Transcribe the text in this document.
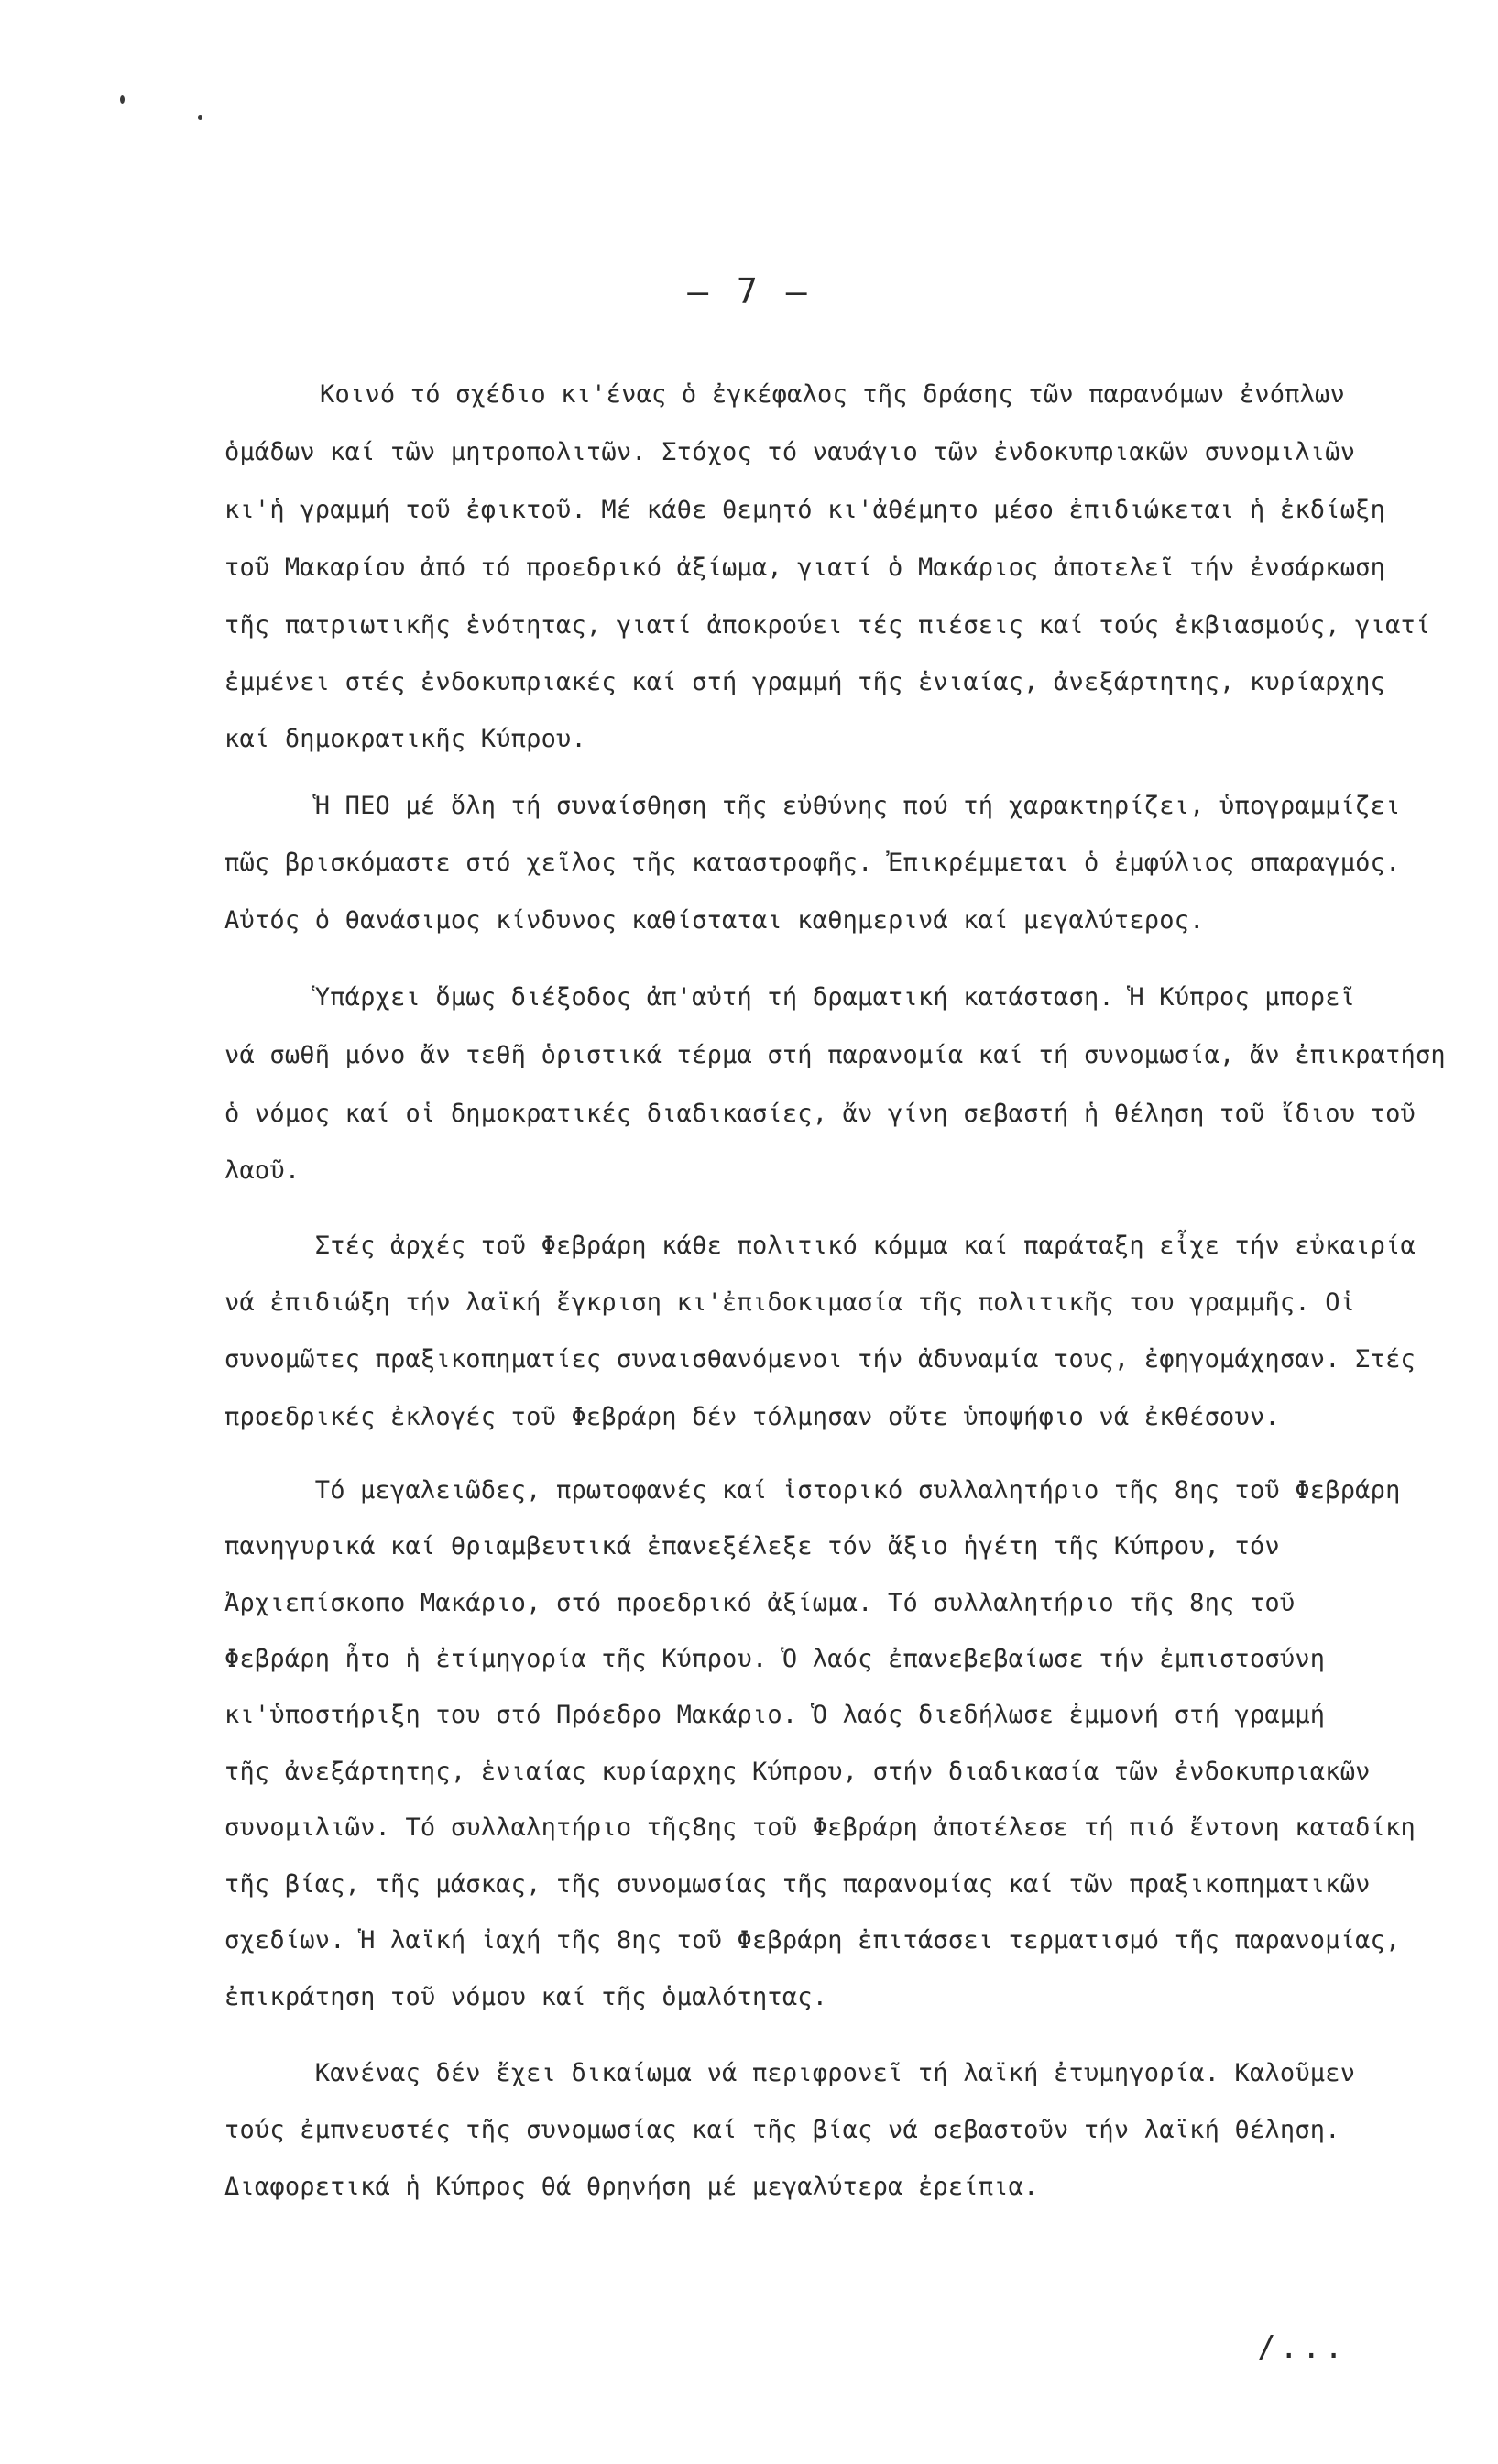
– 7 –
Κοινό τό σχέδιο κι'ένας ὁ ἐγκέφαλος τῆς δράσης τῶν παρανόμων ἐνόπλων
ὁμάδων καί τῶν μητροπολιτῶν. Στόχος τό ναυάγιο τῶν ἐνδοκυπριακῶν συνομιλιῶν
κι'ἡ γραμμή τοῦ ἐφικτοῦ. Μέ κάθε θεμητό κι'ἀθέμητο μέσο ἐπιδιώκεται ἡ ἐκδίωξη
τοῦ Μακαρίου ἀπό τό προεδρικό ἀξίωμα, γιατί ὁ Μακάριος ἀποτελεῖ τήν ἐνσάρκωση
τῆς πατριωτικῆς ἑνότητας, γιατί ἀποκρούει τές πιέσεις καί τούς ἐκβιασμούς, γιατί
ἐμμένει στές ἐνδοκυπριακές καί στή γραμμή τῆς ἑνιαίας, ἀνεξάρτητης, κυρίαρχης
καί δημοκρατικῆς Κύπρου.
Ἡ ΠΕΟ μέ ὅλη τή συναίσθηση τῆς εὐθύνης πού τή χαρακτηρίζει, ὑπογραμμίζει
πῶς βρισκόμαστε στό χεῖλος τῆς καταστροφῆς. Ἐπικρέμμεται ὁ ἐμφύλιος σπαραγμός.
Αὐτός ὁ θανάσιμος κίνδυνος καθίσταται καθημερινά καί μεγαλύτερος.
Ὑπάρχει ὅμως διέξοδος ἀπ'αὐτή τή δραματική κατάσταση. Ἡ Κύπρος μπορεῖ
νά σωθῆ μόνο ἄν τεθῆ ὁριστικά τέρμα στή παρανομία καί τή συνομωσία, ἄν ἐπικρατήση
ὁ νόμος καί οἱ δημοκρατικές διαδικασίες, ἄν γίνη σεβαστή ἡ θέληση τοῦ ἴδιου τοῦ
λαοῦ.
Στές ἀρχές τοῦ Φεβράρη κάθε πολιτικό κόμμα καί παράταξη εἶχε τήν εὐκαιρία
νά ἐπιδιώξη τήν λαϊκή ἔγκριση κι'ἐπιδοκιμασία τῆς πολιτικῆς του γραμμῆς. Οἱ
συνομῶτες πραξικοπηματίες συναισθανόμενοι τήν ἀδυναμία τους, ἐφηγομάχησαν. Στές
προεδρικές ἐκλογές τοῦ Φεβράρη δέν τόλμησαν οὔτε ὑποψήφιο νά ἐκθέσουν.
Τό μεγαλειῶδες, πρωτοφανές καί ἱστορικό συλλαλητήριο τῆς 8ης τοῦ Φεβράρη
πανηγυρικά καί θριαμβευτικά ἐπανεξέλεξε τόν ἄξιο ἡγέτη τῆς Κύπρου, τόν
Ἀρχιεπίσκοπο Μακάριο, στό προεδρικό ἀξίωμα. Τό συλλαλητήριο τῆς 8ης τοῦ
Φεβράρη ἦτο ἡ ἐτίμηγορία τῆς Κύπρου. Ὁ λαός ἐπανεβεβαίωσε τήν ἐμπιστοσύνη
κι'ὑποστήριξη του στό Πρόεδρο Μακάριο. Ὁ λαός διεδήλωσε ἐμμονή στή γραμμή
τῆς ἀνεξάρτητης, ἑνιαίας κυρίαρχης Κύπρου, στήν διαδικασία τῶν ἐνδοκυπριακῶν
συνομιλιῶν. Τό συλλαλητήριο τῆς8ης τοῦ Φεβράρη ἀποτέλεσε τή πιό ἔντονη καταδίκη
τῆς βίας, τῆς μάσκας, τῆς συνομωσίας τῆς παρανομίας καί τῶν πραξικοπηματικῶν
σχεδίων. Ἡ λαϊκή ἰαχή τῆς 8ης τοῦ Φεβράρη ἐπιτάσσει τερματισμό τῆς παρανομίας,
ἐπικράτηση τοῦ νόμου καί τῆς ὁμαλότητας.
Κανένας δέν ἔχει δικαίωμα νά περιφρονεῖ τή λαϊκή ἐτυμηγορία. Καλοῦμεν
τούς ἐμπνευστές τῆς συνομωσίας καί τῆς βίας νά σεβαστοῦν τήν λαϊκή θέληση.
Διαφορετικά ἡ Κύπρος θά θρηνήση μέ μεγαλύτερα ἐρείπια.
/...
